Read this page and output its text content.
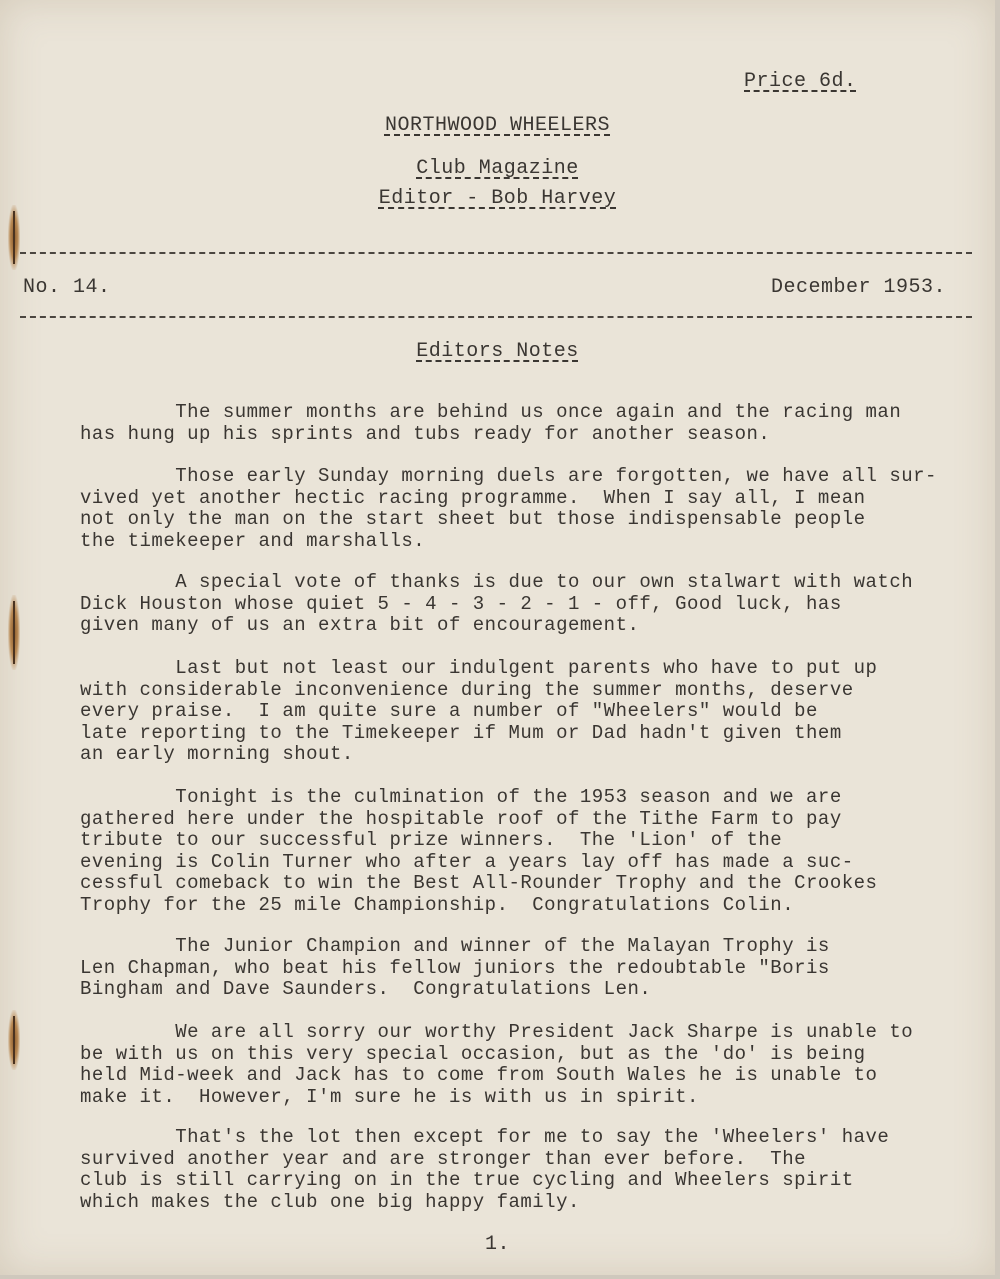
Price 6d.
NORTHWOOD WHEELERS
Club Magazine
Editor - Bob Harvey
No. 14.	December 1953.
Editors Notes

The summer months are behind us once again and the racing man
has hung up his sprints and tubs ready for another season.

Those early Sunday morning duels are forgotten, we have all sur-
vived yet another hectic racing programme.  When I say all, I mean
not only the man on the start sheet but those indispensable people
the timekeeper and marshalls.

A special vote of thanks is due to our own stalwart with watch
Dick Houston whose quiet 5 - 4 - 3 - 2 - 1 - off, Good luck, has
given many of us an extra bit of encouragement.

Last but not least our indulgent parents who have to put up
with considerable inconvenience during the summer months, deserve
every praise.  I am quite sure a number of "Wheelers" would be
late reporting to the Timekeeper if Mum or Dad hadn't given them
an early morning shout.

Tonight is the culmination of the 1953 season and we are
gathered here under the hospitable roof of the Tithe Farm to pay
tribute to our successful prize winners.  The 'Lion' of the
evening is Colin Turner who after a years lay off has made a suc-
cessful comeback to win the Best All-Rounder Trophy and the Crookes
Trophy for the 25 mile Championship.  Congratulations Colin.

The Junior Champion and winner of the Malayan Trophy is
Len Chapman, who beat his fellow juniors the redoubtable "Boris
Bingham and Dave Saunders.  Congratulations Len.

We are all sorry our worthy President Jack Sharpe is unable to
be with us on this very special occasion, but as the 'do' is being
held Mid-week and Jack has to come from South Wales he is unable to
make it.  However, I'm sure he is with us in spirit.

That's the lot then except for me to say the 'Wheelers' have
survived another year and are stronger than ever before.  The
club is still carrying on in the true cycling and Wheelers spirit
which makes the club one big happy family.

1.
